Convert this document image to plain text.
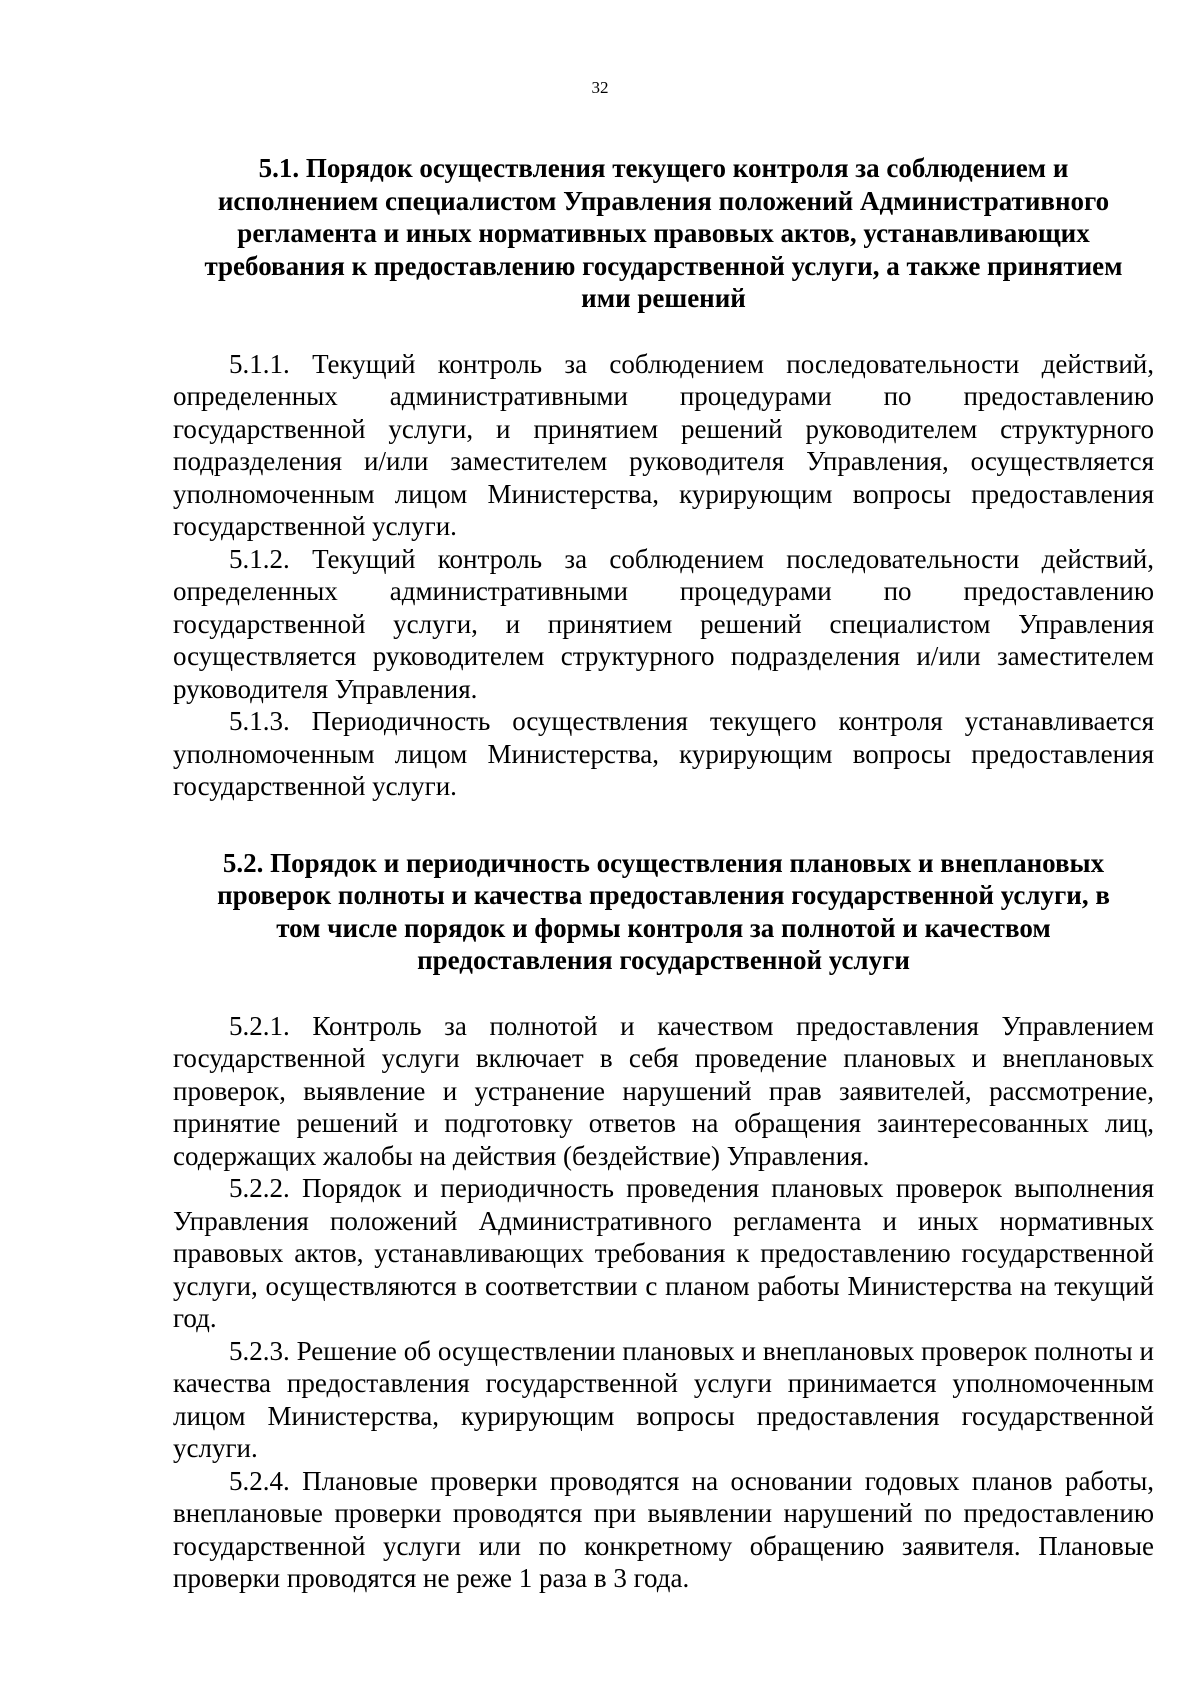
32
5.1. Порядок осуществления текущего контроля за соблюдением и
исполнением специалистом Управления положений Административного
регламента и иных нормативных правовых актов, устанавливающих
требования к предоставлению государственной услуги, а также принятием
ими решений

5.1.1. Текущий контроль за соблюдением последовательности действий, определенных административными процедурами по предоставлению государственной услуги, и принятием решений руководителем структурного подразделения и/или заместителем руководителя Управления, осуществляется уполномоченным лицом Министерства, курирующим вопросы предоставления государственной услуги.

5.1.2. Текущий контроль за соблюдением последовательности действий, определенных административными процедурами по предоставлению государственной услуги, и принятием решений специалистом Управления осуществляется руководителем структурного подразделения и/или заместителем руководителя Управления.

5.1.3. Периодичность осуществления текущего контроля устанавливается уполномоченным лицом Министерства, курирующим вопросы предоставления государственной услуги.

5.2. Порядок и периодичность осуществления плановых и внеплановых
проверок полноты и качества предоставления государственной услуги, в
том числе порядок и формы контроля за полнотой и качеством
предоставления государственной услуги

5.2.1. Контроль за полнотой и качеством предоставления Управлением государственной услуги включает в себя проведение плановых и внеплановых проверок, выявление и устранение нарушений прав заявителей, рассмотрение, принятие решений и подготовку ответов на обращения заинтересованных лиц, содержащих жалобы на действия (бездействие) Управления.

5.2.2. Порядок и периодичность проведения плановых проверок выполнения Управления положений Административного регламента и иных нормативных правовых актов, устанавливающих требования к предоставлению государственной услуги, осуществляются в соответствии с планом работы Министерства на текущий год.

5.2.3. Решение об осуществлении плановых и внеплановых проверок полноты и качества предоставления государственной услуги принимается уполномоченным лицом Министерства, курирующим вопросы предоставления государственной услуги.

5.2.4. Плановые проверки проводятся на основании годовых планов работы, внеплановые проверки проводятся при выявлении нарушений по предоставлению государственной услуги или по конкретному обращению заявителя. Плановые проверки проводятся не реже 1 раза в 3 года.
